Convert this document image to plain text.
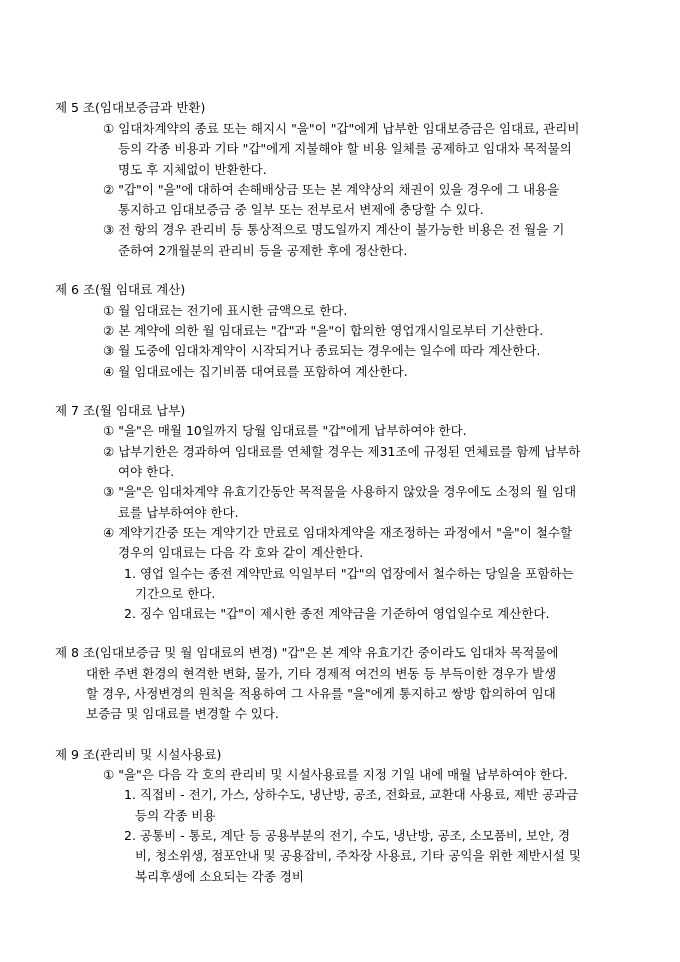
제 5 조(임대보증금과 반환)
① 임대차계약의 종료 또는 해지시 "을"이 "갑"에게 납부한 임대보증금은 임대료, 관리비
등의 각종 비용과 기타 "갑"에게 지불해야 할 비용 일체를 공제하고 임대차 목적물의
명도 후 지체없이 반환한다.
② "갑"이 "을"에 대하여 손해배상금 또는 본 계약상의 채권이 있을 경우에 그 내용을
통지하고 임대보증금 중 일부 또는 전부로서 변제에 충당할 수 있다.
③ 전 항의 경우 관리비 등 통상적으로 명도일까지 계산이 불가능한 비용은 전 월을 기
준하여 2개월분의 관리비 등을 공제한 후에 정산한다.
제 6 조(월 임대료 계산)
① 월 임대료는 전기에 표시한 금액으로 한다.
② 본 계약에 의한 월 임대료는 "갑"과 "을"이 합의한 영업개시일로부터 기산한다.
③ 월 도중에 임대차계약이 시작되거나 종료되는 경우에는 일수에 따라 계산한다.
④ 월 임대료에는 집기비품 대여료를 포함하여 계산한다.
제 7 조(월 임대료 납부)
① "을"은 매월 10일까지 당월 임대료를 "갑"에게 납부하여야 한다.
② 납부기한은 경과하여 임대료를 연체할 경우는 제31조에 규정된 연체료를 함께 납부하
여야 한다.
③ "을"은 임대차계약 유효기간동안 목적물을 사용하지 않았을 경우에도 소정의 월 임대
료를 납부하여야 한다.
④ 계약기간중 또는 계약기간 만료로 임대차계약을 재조정하는 과정에서 "을"이 철수할
경우의 임대료는 다음 각 호와 같이 계산한다.
1. 영업 일수는 종전 계약만료 익일부터 "갑"의 업장에서 철수하는 당일을 포함하는
기간으로 한다.
2. 징수 임대료는 "갑"이 제시한 종전 계약금을 기준하여 영업일수로 계산한다.
제 8 조(임대보증금 및 월 임대료의 변경) "갑"은 본 계약 유효기간 중이라도 임대차 목적물에
대한 주변 환경의 현격한 변화, 물가, 기타 경제적 여건의 변동 등 부득이한 경우가 발생
할 경우, 사정변경의 원칙을 적용하여 그 사유를 "을"에게 통지하고 쌍방 합의하여 임대
보증금 및 임대료를 변경할 수 있다.
제 9 조(관리비 및 시설사용료)
① "을"은 다음 각 호의 관리비 및 시설사용료를 지정 기일 내에 매월 납부하여야 한다.
1. 직접비 - 전기, 가스, 상하수도, 냉난방, 공조, 전화료, 교환대 사용료, 제반 공과금
등의 각종 비용
2. 공통비 - 통로, 계단 등 공용부분의 전기, 수도, 냉난방, 공조, 소모품비, 보안, 경
비, 청소위생, 점포안내 및 공용잡비, 주차장 사용료, 기타 공익을 위한 제반시설 및
복리후생에 소요되는 각종 경비
